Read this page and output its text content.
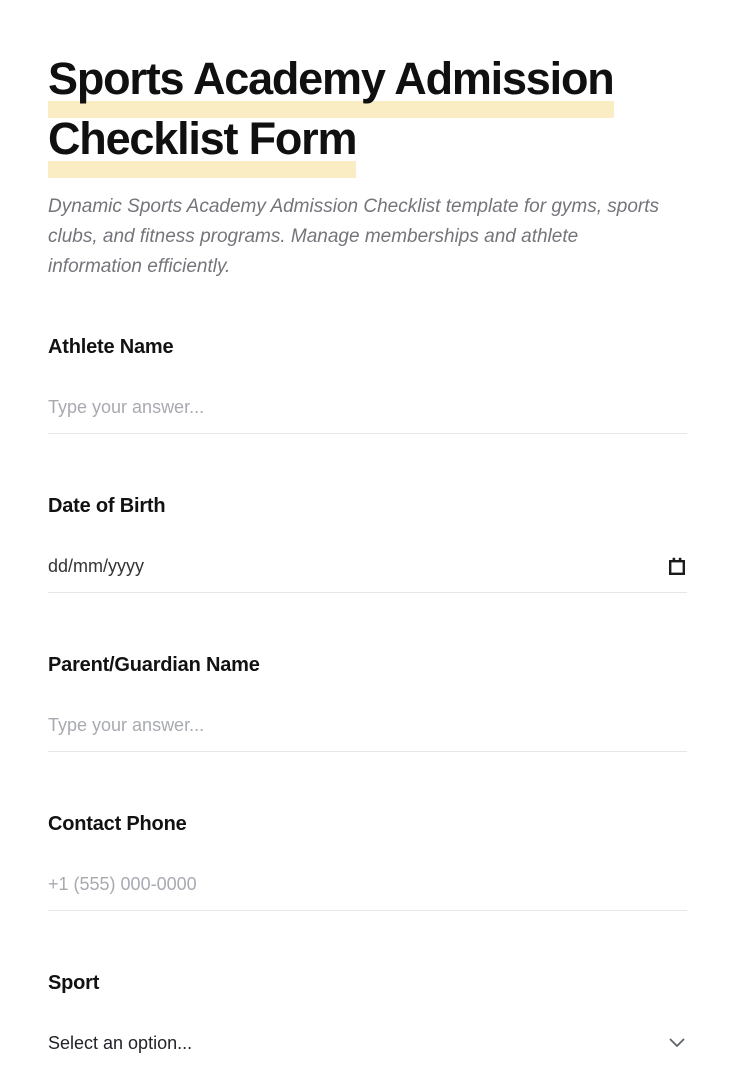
Sports Academy Admission
Checklist Form

Dynamic Sports Academy Admission Checklist template for gyms, sports clubs, and fitness programs. Manage memberships and athlete information efficiently.

Athlete Name
Type your answer...
Date of Birth
dd/mm/yyyy
Parent/Guardian Name
Type your answer...
Contact Phone
+1 (555) 000-0000
Sport
Select an option...
